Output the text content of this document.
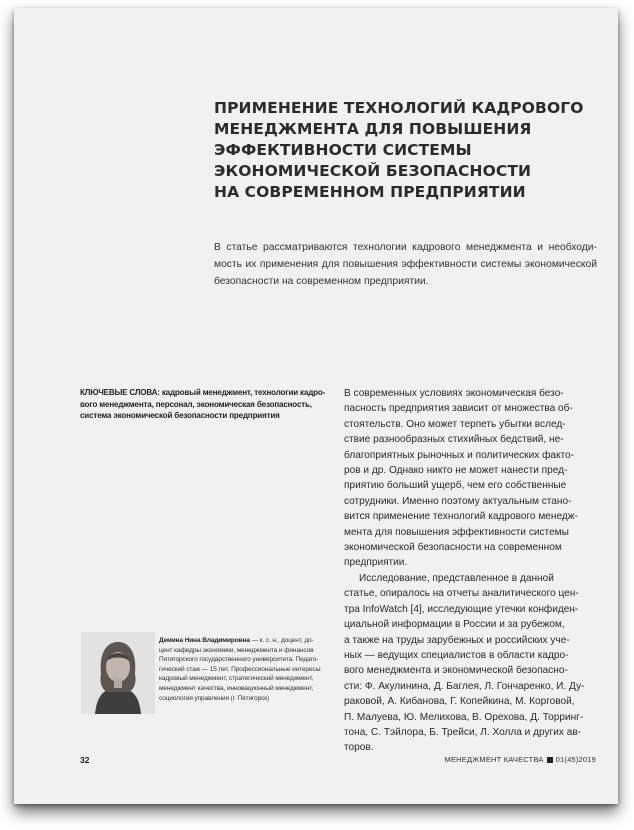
ПРИМЕНЕНИЕ ТЕХНОЛОГИЙ КАДРОВОГО
МЕНЕДЖМЕНТА ДЛЯ ПОВЫШЕНИЯ
ЭФФЕКТИВНОСТИ СИСТЕМЫ
ЭКОНОМИЧЕСКОЙ БЕЗОПАСНОСТИ
НА СОВРЕМЕННОМ ПРЕДПРИЯТИИ
В статье рассматриваются технологии кадрового менеджмента и необходи-
мость их применения для повышения эффективности системы экономической
безопасности на современном предприятии.
КЛЮЧЕВЫЕ СЛОВА: кадровый менеджмент, технологии кадро-
вого менеджмента, персонал, экономическая безопасность,
система экономической безопасности предприятия
В современных условиях экономическая безо-
пасность предприятия зависит от множества об-
стоятельств. Оно может терпеть убытки вслед-
ствие разнообразных стихийных бедствий, не-
благоприятных рыночных и политических факто-
ров и др. Однако никто не может нанести пред-
приятию больший ущерб, чем его собственные
сотрудники. Именно поэтому актуальным стано-
вится применение технологий кадрового менедж-
мента для повышения эффективности системы
экономической безопасности на современном
предприятии.
Исследование, представленное в данной
статье, опиралось на отчеты аналитического цен-
тра InfoWatch [4], исследующие утечки конфиден-
циальной информации в России и за рубежом,
а также на труды зарубежных и российских уче-
ных — ведущих специалистов в области кадро-
вого менеджмента и экономической безопасно-
сти: Ф. Акулинина, Д. Баглея, Л. Гончаренко, И. Ду-
раковой, А. Кибанова, Г. Копейкина, М. Корговой,
П. Малуева, Ю. Мелихова, В. Орехова, Д. Торринг-
тона, С. Тэйлора, Б. Трейси, Л. Холла и других ав-
торов.
Демина Нина Владимировна — к. с. н., доцент, до-
цент кафедры экономики, менеджмента и финансов
Пятигорского государственного университета. Педаго-
гический стаж — 15 лет. Профессиональные интересы:
кадровый менеджмент, стратегический менеджмент,
менеджмент качества, инновационный менеджмент,
социология управления (г. Пятигорск)
32	МЕНЕДЖМЕНТ КАЧЕСТВА 01(45)2019
